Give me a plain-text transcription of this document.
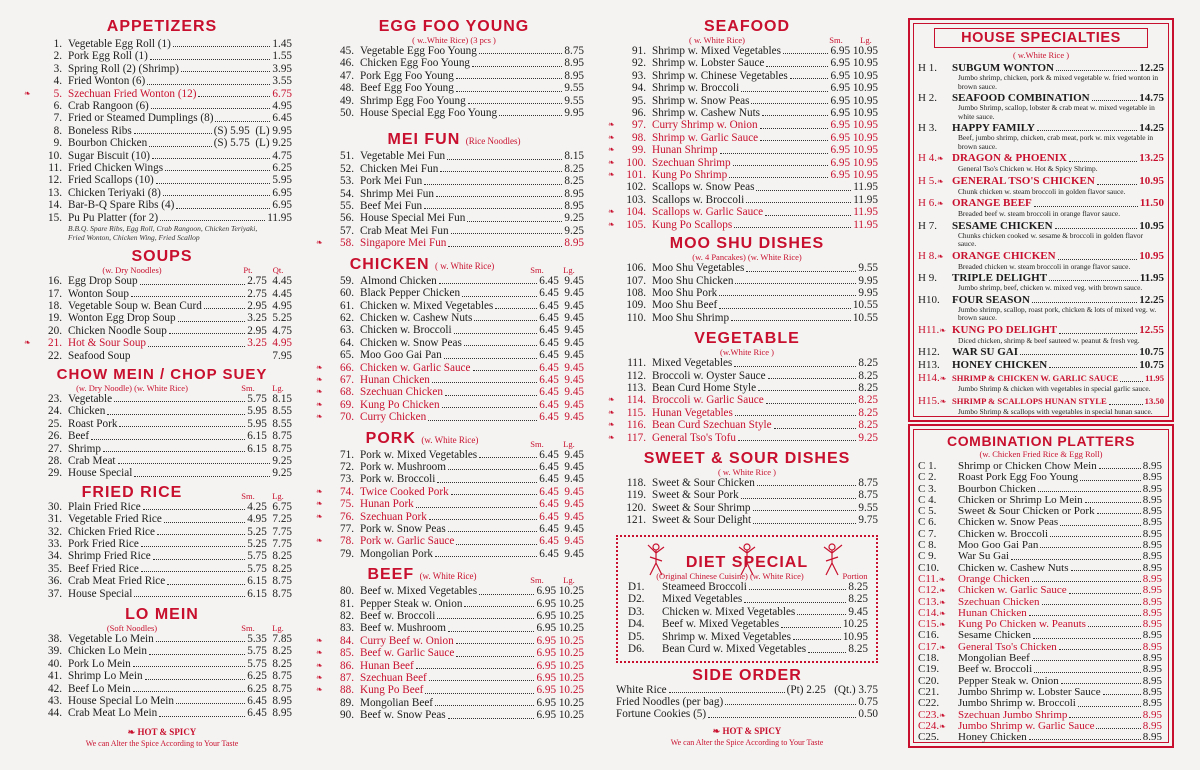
APPETIZERS
1. Vegetable Egg Roll (1)	1.45
2. Pork Egg Roll (1)	1.55
3. Spring Roll (2) (Shrimp)	3.95
4. Fried Wonton (6)	3.55
❧ 5. Szechuan Fried Wonton (12)	6.75
6. Crab Rangoon (6)	4.95
7. Fried or Steamed Dumplings (8)	6.45
8. Boneless Ribs	(S) 5.95  (L) 9.95
9. Bourbon Chicken	(S) 5.75  (L) 9.25
10. Sugar Biscuit (10)	4.75
11. Fried Chicken Wings	6.25
12. Fried Scallops (10)	5.95
13. Chicken Teriyaki (8)	6.95
14. Bar-B-Q Spare Ribs (4)	6.95
15. Pu Pu Platter (for 2)	11.95
B.B.Q. Spare Ribs, Egg Roll, Crab Rangoon, Chicken Teriyaki, Fried Wonton, Chicken Wing, Fried Scallop
SOUPS
(w. Dry Noodles)	Pt.	Qt.
16. Egg Drop Soup	2.75  4.45
17. Wonton Soup	2.75  4.45
18. Vegetable Soup w. Bean Curd	2.95  4.95
19. Wonton Egg Drop Soup	3.25  5.25
20. Chicken Noodle Soup	2.95  4.75
❧ 21. Hot & Sour Soup	3.25  4.95
22. Seafood Soup	7.95
CHOW MEIN / CHOP SUEY
(w. Dry Noodle) (w. White Rice)	Sm.	Lg.
23. Vegetable	5.75  8.15
24. Chicken	5.95  8.55
25. Roast Pork	5.95  8.55
26. Beef	6.15  8.75
27. Shrimp	6.15  8.75
28. Crab Meat	9.25
29. House Special	9.25
FRIED RICE	Sm.	Lg.
30. Plain Fried Rice	4.25  6.75
31. Vegetable Fried Rice	4.95  7.25
32. Chicken Fried Rice	5.25  7.75
33. Pork Fried Rice	5.25  7.75
34. Shrimp Fried Rice	5.75  8.25
35. Beef Fried Rice	5.75  8.25
36. Crab Meat Fried Rice	6.15  8.75
37. House Special	6.15  8.75
LO MEIN
(Soft Noodles)	Sm.	Lg.
38. Vegetable Lo Mein	5.35  7.85
39. Chicken Lo Mein	5.75  8.25
40. Pork Lo Mein	5.75  8.25
41. Shrimp Lo Mein	6.25  8.75
42. Beef Lo Mein	6.25  8.75
43. House Special Lo Mein	6.45  8.95
44. Crab Meat Lo Mein	6.45  8.95
❧ HOT & SPICY
We can Alter the Spice According to Your Taste
EGG FOO YOUNG
( w..White Rice) (3 pcs )
45. Vegetable Egg Foo Young	8.75
46. Chicken Egg Foo Young	8.95
47. Pork Egg Foo Young	8.95
48. Beef Egg Foo Young	9.55
49. Shrimp Egg Foo Young	9.55
50. House Special Egg Foo Young	9.95
MEI FUN (Rice Noodles)
51. Vegetable Mei Fun	8.15
52. Chicken Mei Fun	8.25
53. Pork Mei Fun	8.25
54. Shrimp Mei Fun	8.95
55. Beef Mei Fun	8.95
56. House Special Mei Fun	9.25
57. Crab Meat Mei Fun	9.25
❧ 58. Singapore Mei Fun	8.95
CHICKEN ( w. White Rice)	Sm.	Lg.
59. Almond Chicken	6.45  9.45
60. Black Pepper Chicken	6.45  9.45
61. Chicken w. Mixed Vegetables	6.45  9.45
62. Chicken w. Cashew Nuts	6.45  9.45
63. Chicken w. Broccoli	6.45  9.45
64. Chicken w. Snow Peas	6.45  9.45
65. Moo Goo Gai Pan	6.45  9.45
❧ 66. Chicken w. Garlic Sauce	6.45  9.45
❧ 67. Hunan Chicken	6.45  9.45
❧ 68. Szechuan Chicken	6.45  9.45
❧ 69. Kung Po Chicken	6.45  9.45
❧ 70. Curry Chicken	6.45  9.45
PORK (w. White Rice)	Sm.	Lg.
71. Pork w. Mixed Vegetables	6.45  9.45
72. Pork w. Mushroom	6.45  9.45
73. Pork w. Broccoli	6.45  9.45
❧ 74. Twice Cooked Pork	6.45  9.45
❧ 75. Hunan Pork	6.45  9.45
❧ 76. Szechuan Pork	6.45  9.45
77. Pork w. Snow Peas	6.45  9.45
❧ 78. Pork w. Garlic Sauce	6.45  9.45
79. Mongolian Pork	6.45  9.45
BEEF (w. White Rice)	Sm.	Lg.
80. Beef w. Mixed Vegetables	6.95 10.25
81. Pepper Steak w. Onion	6.95 10.25
82. Beef w. Broccoli	6.95 10.25
83. Beef w. Mushroom	6.95 10.25
❧ 84. Curry Beef w. Onion	6.95 10.25
❧ 85. Beef w. Garlic Sauce	6.95 10.25
❧ 86. Hunan Beef	6.95 10.25
❧ 87. Szechuan Beef	6.95 10.25
❧ 88. Kung Po Beef	6.95 10.25
89. Mongolian Beef	6.95 10.25
90. Beef w. Snow Peas	6.95 10.25
SEAFOOD
( w. White Rice)	Sm.	Lg.
91. Shrimp w. Mixed Vegetables	6.95 10.95
92. Shrimp w. Lobster Sauce	6.95 10.95
93. Shrimp w. Chinese Vegetables	6.95 10.95
94. Shrimp w. Broccoli	6.95 10.95
95. Shrimp w. Snow Peas	6.95 10.95
96. Shrimp w. Cashew Nuts	6.95 10.95
❧ 97. Curry Shrimp w. Onion	6.95 10.95
❧ 98. Shrimp w. Garlic Sauce	6.95 10.95
❧ 99. Hunan Shrimp	6.95 10.95
❧ 100. Szechuan Shrimp	6.95 10.95
❧ 101. Kung Po Shrimp	6.95 10.95
102. Scallops w. Snow Peas	11.95
103. Scallops w. Broccoli	11.95
❧ 104. Scallops w. Garlic Sauce	11.95
❧ 105. Kung Po Scallops	11.95
MOO SHU DISHES
(w. 4 Pancakes) (w. White Rice)
106. Moo Shu Vegetables	9.55
107. Moo Shu Chicken	9.95
108. Moo Shu Pork	9.95
109. Moo Shu Beef	10.55
110. Moo Shu Shrimp	10.55
VEGETABLE
(w.White Rice )
111. Mixed Vegetables	8.25
112. Broccoli w. Oyster Sauce	8.25
113. Bean Curd Home Style	8.25
❧ 114. Broccoli w. Garlic Sauce	8.25
❧ 115. Hunan Vegetables	8.25
❧ 116. Bean Curd Szechuan Style	8.25
❧ 117. General Tso's Tofu	9.25
SWEET & SOUR DISHES
( w. White Rice )
118. Sweet & Sour Chicken	8.75
119. Sweet & Sour Pork	8.75
120. Sweet & Sour Shrimp	9.55
121. Sweet & Sour Delight	9.75
DIET SPECIAL
(Original Chinese Cuisine) (w. White Rice)	Portion
D1.	Steameed Broccoli	8.25
D2.	Mixed Vegetables	8.25
D3.	Chicken w. Mixed Vegetables	9.45
D4.	Beef w. Mixed Vegetables	10.25
D5.	Shrimp w. Mixed Vegetables	10.95
D6.	Bean Curd w. Mixed Vegetables	8.25
SIDE ORDER
White Rice	(Pt) 2.25   (Qt.) 3.75
Fried Noodles (per bag)	0.75
Fortune Cookies (5)	0.50
❧ HOT & SPICY
We can Alter the Spice According to Your Taste
HOUSE SPECIALTIES
( w.White Rice )
H 1.	SUBGUM WONTON	12.25
Jumbo shrimp, chicken, pork & mixed vegetable w. fried wonton in brown sauce.
H 2.	SEAFOOD COMBINATION	14.75
Jumbo Shrimp, scallop, lobster & crab meat w. mixed vegetable in white sauce.
H 3.	HAPPY FAMILY	14.25
Beef, jumbo shrimp, chicken, crab meat, pork w. mix vegetable in brown sauce.
H 4.❧ DRAGON & PHOENIX	13.25
General Tso's Chicken w. Hot & Spicy Shrimp.
H 5.❧ GENERAL TSO'S CHICKEN	10.95
Chunk chicken w. steam broccoli in golden flavor sauce.
H 6.❧ ORANGE BEEF	11.50
Breaded beef w. steam broccoli in orange flavor sauce.
H 7.	SESAME CHICKEN	10.95
Chunks chicken cooked w. sesame & broccoli in golden flavor sauce.
H 8.❧ ORANGE CHICKEN	10.95
Breaded chicken w. steam broccoli in orange flavor sauce.
H 9.	TRIPLE DELIGHT	11.95
Jumbo shrimp, beef, chicken w. mixed veg. with brown sauce.
H10.	FOUR SEASON	12.25
Jumbo shrimp, scallop, roast pork, chicken & lots of mixed veg. w. brown sauce.
H11.❧ KUNG PO DELIGHT	12.55
Diced chicken, shrimp & beef sauteed w. peanut & fresh veg.
H12.	WAR SU GAI	10.75
H13.	HONEY CHICKEN	10.75
H14.❧ SHRIMP & CHICKEN W. GARLIC SAUCE	11.95
Jumbo Shrimp & chicken with vegetables in special garlic sauce.
H15.❧ SHRIMP & SCALLOPS HUNAN STYLE	13.50
Jumbo Shrimp & scallops with vegetables in special hunan sauce.
COMBINATION PLATTERS
(w. Chicken Fried Rice & Egg Roll)
C 1.	Shrimp or Chicken Chow Mein	8.95
C 2.	Roast Pork Egg Foo Young	8.95
C 3.	Bourbon Chicken	8.95
C 4.	Chicken or Shrimp Lo Mein	8.95
C 5.	Sweet & Sour Chicken or Pork	8.95
C 6.	Chicken w. Snow Peas	8.95
C 7.	Chicken w. Broccoli	8.95
C 8.	Moo Goo Gai Pan	8.95
C 9.	War Su Gai	8.95
C10.	Chicken w. Cashew Nuts	8.95
C11.❧	Orange Chicken	8.95
C12.❧	Chicken w. Garlic Sauce	8.95
C13.❧	Szechuan Chicken	8.95
C14.❧	Hunan Chicken	8.95
C15.❧	Kung Po Chicken w. Peanuts	8.95
C16.	Sesame Chicken	8.95
C17.❧	General Tso's Chicken	8.95
C18.	Mongolian Beef	8.95
C19.	Beef w. Broccoli	8.95
C20.	Pepper Steak w. Onion	8.95
C21.	Jumbo Shrimp w. Lobster Sauce	8.95
C22.	Jumbo Shrimp w. Broccoli	8.95
C23.❧	Szechuan Jumbo Shrimp	8.95
C24.❧	Jumbo Shrimp w. Garlic Sauce	8.95
C25.	Honey Chicken	8.95
